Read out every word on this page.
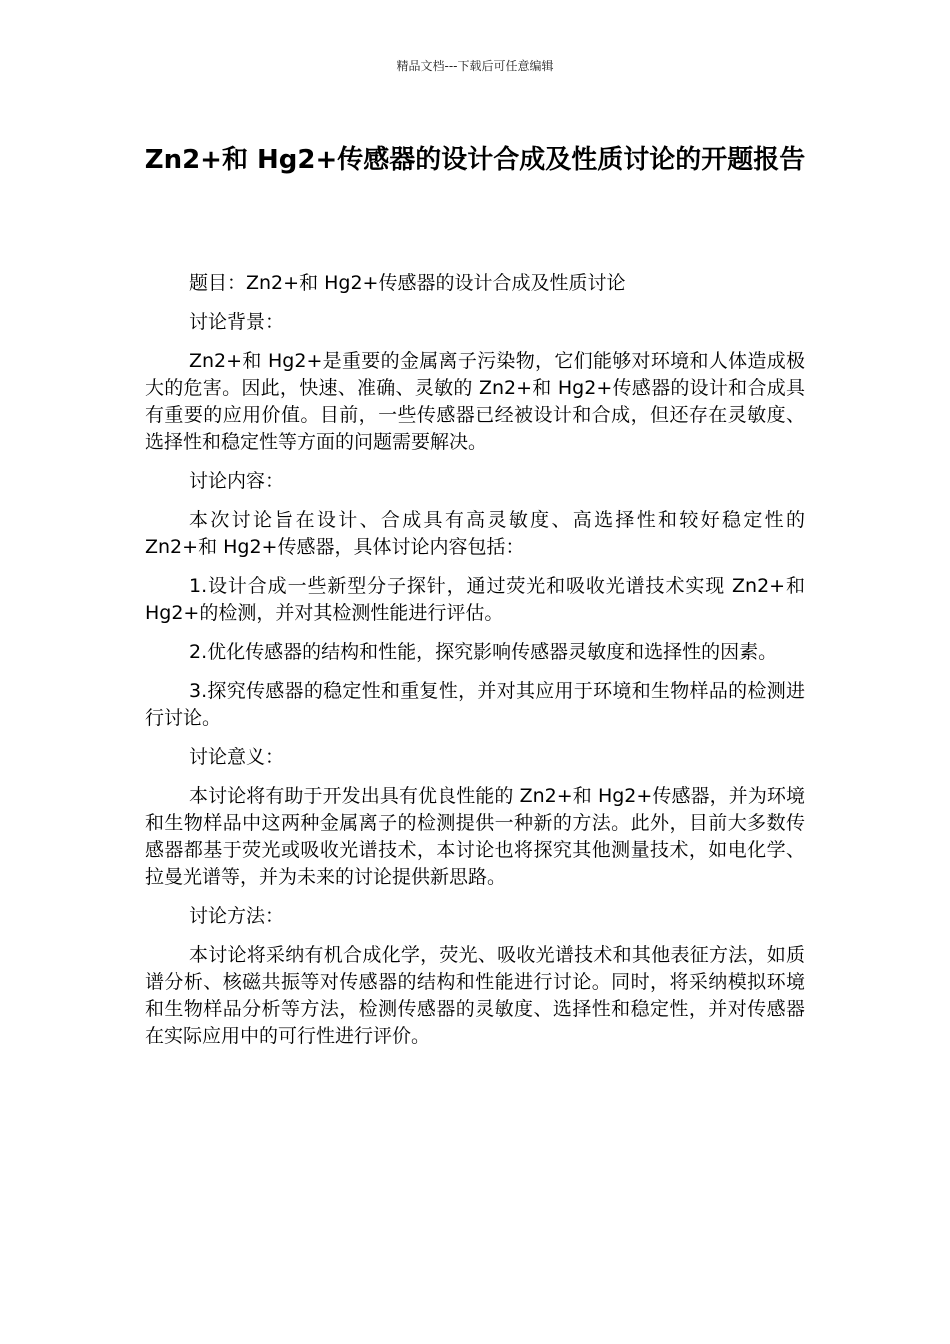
精品文档---下载后可任意编辑
Zn2+和 Hg2+传感器的设计合成及性质讨论的开题报告

题目：Zn2+和 Hg2+传感器的设计合成及性质讨论

讨论背景：

Zn2+和 Hg2+是重要的金属离子污染物，它们能够对环境和人体造成极大的危害。因此，快速、准确、灵敏的 Zn2+和 Hg2+传感器的设计和合成具有重要的应用价值。目前，一些传感器已经被设计和合成，但还存在灵敏度、选择性和稳定性等方面的问题需要解决。

讨论内容：

本次讨论旨在设计、合成具有高灵敏度、高选择性和较好稳定性的 Zn2+和 Hg2+传感器，具体讨论内容包括：

1.设计合成一些新型分子探针，通过荧光和吸收光谱技术实现 Zn2+和 Hg2+的检测，并对其检测性能进行评估。

2.优化传感器的结构和性能，探究影响传感器灵敏度和选择性的因素。

3.探究传感器的稳定性和重复性，并对其应用于环境和生物样品的检测进行讨论。

讨论意义：

本讨论将有助于开发出具有优良性能的 Zn2+和 Hg2+传感器，并为环境和生物样品中这两种金属离子的检测提供一种新的方法。此外，目前大多数传感器都基于荧光或吸收光谱技术，本讨论也将探究其他测量技术，如电化学、拉曼光谱等，并为未来的讨论提供新思路。

讨论方法：

本讨论将采纳有机合成化学，荧光、吸收光谱技术和其他表征方法，如质谱分析、核磁共振等对传感器的结构和性能进行讨论。同时，将采纳模拟环境和生物样品分析等方法，检测传感器的灵敏度、选择性和稳定性，并对传感器在实际应用中的可行性进行评价。
